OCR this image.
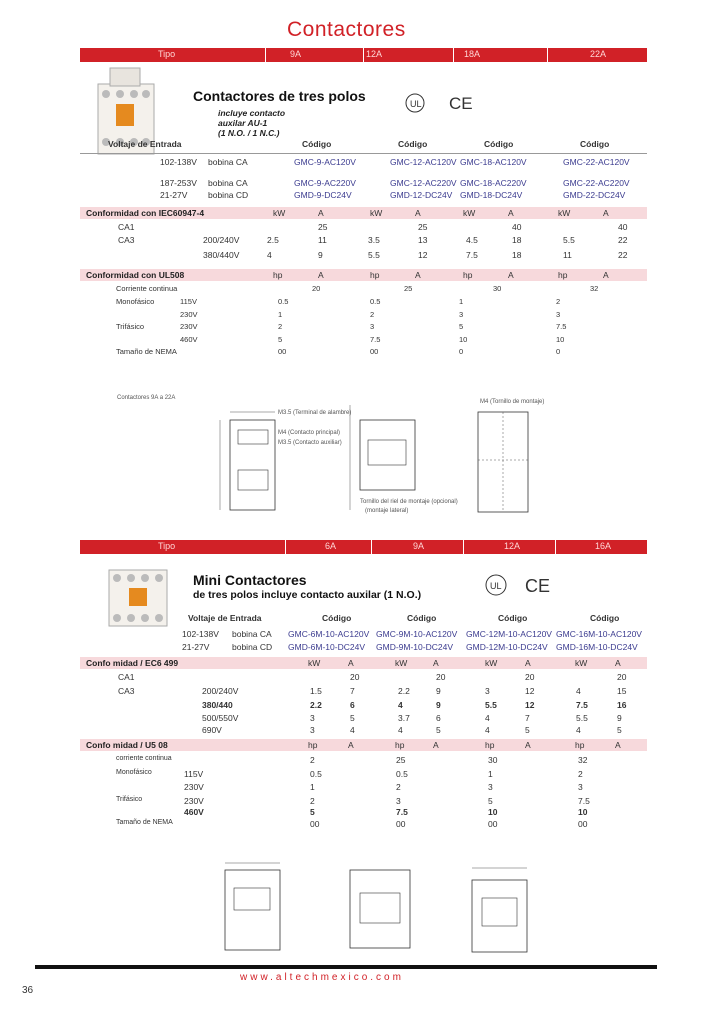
Contactores
Tipo	9A	12A	18A	22A
Contactores de tres polos
incluye contacto
auxilar AU-1
(1 N.O. / 1 N.C.)
UL CE
Voltaje de Entrada	Código	Código	Código	Código
102-138V bobina CA	GMC-9-AC120V	GMC-12-AC120V GMC-18-AC120V	GMC-22-AC120V
187-253V bobina CA	GMC-9-AC220V	GMC-12-AC220V GMC-18-AC220V	GMC-22-AC220V
21-27V bobina CD	GMD-9-DC24V	GMD-12-DC24V GMD-18-DC24V	GMD-22-DC24V
Conformidad con IEC60947-4
CA1	25	25	40	40
CA3	200/240V	2.5	11	3.5	13	4.5	18	5.5	22
380/440V	4	9	5.5	12	7.5	18	11	22
Conformidad con UL508
Corriente continua	20	25	30	32
Monofásico	115V	0.5	0.5	1	2
230V	1	2	3	3
Trifásico	230V	2	3	5	7.5
460V	5	7.5	10	10
Tamaño de NEMA	00	00	0	0
Contactores 9A a 22A
M3.5 (Terminal de alambre)
M4 (Contacto principal)
M3.5 (Contacto auxiliar)
Tornillo del riel de montaje (opcional)
(montaje lateral)
M4 (Tornillo de montaje)
Tipo	6A	9A	12A	16A
Mini Contactores
de tres polos incluye contacto auxilar (1 N.O.)
UL CE
Voltaje de Entrada	Código	Código	Código	Código
102-138V bobina CA GMC-6M-10-AC120V GMC-9M-10-AC120V GMC-12M-10-AC120V GMC-16M-10-AC120V
21-27V	bobina CD GMD-6M-10-DC24V GMD-9M-10-DC24V GMD-12M-10-DC24V GMD-16M-10-DC24V
Confo midad / EC6 499
CA1	20	20	20	20
CA3	200/240V	1.5	7	2.2	9	3	12	4	15
380/440	2.2	6	4	9	5.5	12	7.5	16
500/550V	3	5	3.7	6	4	7	5.5	9
690V	3	4	4	5	4	5	4	5
Confo midad / U5 08
corriente continua	2	25	30	32
Monofásico	115V	0.5	0.5	1	2
230V	1	2	3	3
Trifásico	230V	2	3	5	7.5
460V	5	7.5	10	10
Tamaño de NEMA	00	00	00	00
www.altechmexico.com
36
kW	A	kW	A	kW	A	kW	A
hp	A	hp	A	hp	A	hp	A
kW	A	kW	A	kW	A	kW	A
hp	A	hp	A	hp	A	hp	A
